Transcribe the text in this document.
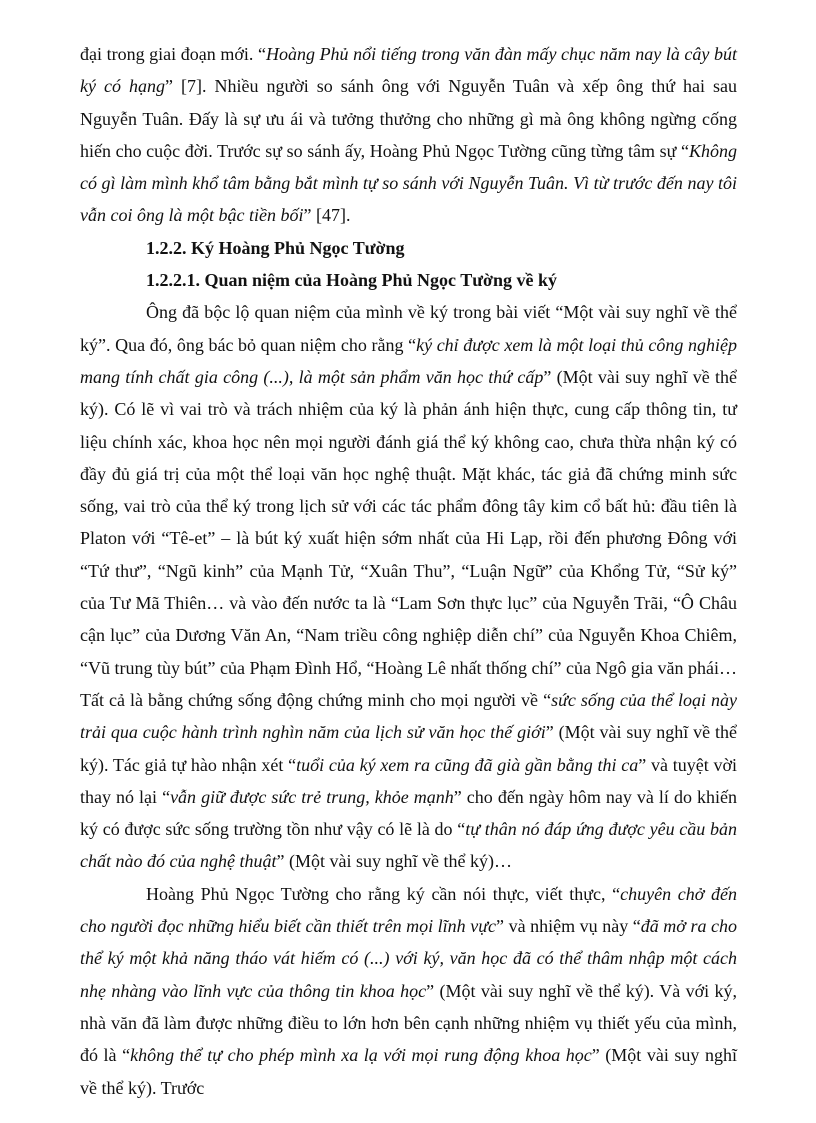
đại trong giai đoạn mới. “Hoàng Phủ nổi tiếng trong văn đàn mấy chục năm nay là cây bút ký có hạng” [7]. Nhiều người so sánh ông với Nguyễn Tuân và xếp ông thứ hai sau Nguyễn Tuân. Đấy là sự ưu ái và tưởng thưởng cho những gì mà ông không ngừng cống hiến cho cuộc đời. Trước sự so sánh ấy, Hoàng Phủ Ngọc Tường cũng từng tâm sự “Không có gì làm mình khổ tâm bằng bắt mình tự so sánh với Nguyễn Tuân. Vì từ trước đến nay tôi vẫn coi ông là một bậc tiền bối” [47].

1.2.2. Ký Hoàng Phủ Ngọc Tường

1.2.2.1. Quan niệm của Hoàng Phủ Ngọc Tường về ký

Ông đã bộc lộ quan niệm của mình về ký trong bài viết “Một vài suy nghĩ về thể ký”. Qua đó, ông bác bỏ quan niệm cho rằng “ký chỉ được xem là một loại thủ công nghiệp mang tính chất gia công (...), là một sản phẩm văn học thứ cấp” (Một vài suy nghĩ về thể ký). Có lẽ vì vai trò và trách nhiệm của ký là phản ánh hiện thực, cung cấp thông tin, tư liệu chính xác, khoa học nên mọi người đánh giá thể ký không cao, chưa thừa nhận ký có đầy đủ giá trị của một thể loại văn học nghệ thuật. Mặt khác, tác giả đã chứng minh sức sống, vai trò của thể ký trong lịch sử với các tác phẩm đông tây kim cổ bất hủ: đầu tiên là Platon với “Tê-et” – là bút ký xuất hiện sớm nhất của Hi Lạp, rồi đến phương Đông với “Tứ thư”, “Ngũ kinh” của Mạnh Tử, “Xuân Thu”, “Luận Ngữ” của Khổng Tử, “Sử ký” của Tư Mã Thiên… và vào đến nước ta là “Lam Sơn thực lục” của Nguyễn Trãi, “Ô Châu cận lục” của Dương Văn An, “Nam triều công nghiệp diễn chí” của Nguyễn Khoa Chiêm, “Vũ trung tùy bút” của Phạm Đình Hổ, “Hoàng Lê nhất thống chí” của Ngô gia văn phái… Tất cả là bằng chứng sống động chứng minh cho mọi người về “sức sống của thể loại này trải qua cuộc hành trình nghìn năm của lịch sử văn học thế giới” (Một vài suy nghĩ về thể ký). Tác giả tự hào nhận xét “tuổi của ký xem ra cũng đã già gần bằng thi ca” và tuyệt vời thay nó lại “vẫn giữ được sức trẻ trung, khỏe mạnh” cho đến ngày hôm nay và lí do khiến ký có được sức sống trường tồn như vậy có lẽ là do “tự thân nó đáp ứng được yêu cầu bản chất nào đó của nghệ thuật” (Một vài suy nghĩ về thể ký)…

Hoàng Phủ Ngọc Tường cho rằng ký cần nói thực, viết thực, “chuyên chở đến cho người đọc những hiểu biết cần thiết trên mọi lĩnh vực” và nhiệm vụ này “đã mở ra cho thể ký một khả năng tháo vát hiếm có (...) với ký, văn học đã có thể thâm nhập một cách nhẹ nhàng vào lĩnh vực của thông tin khoa học” (Một vài suy nghĩ về thể ký). Và với ký, nhà văn đã làm được những điều to lớn hơn bên cạnh những nhiệm vụ thiết yếu của mình, đó là “không thể tự cho phép mình xa lạ với mọi rung động khoa học” (Một vài suy nghĩ về thể ký). Trước
